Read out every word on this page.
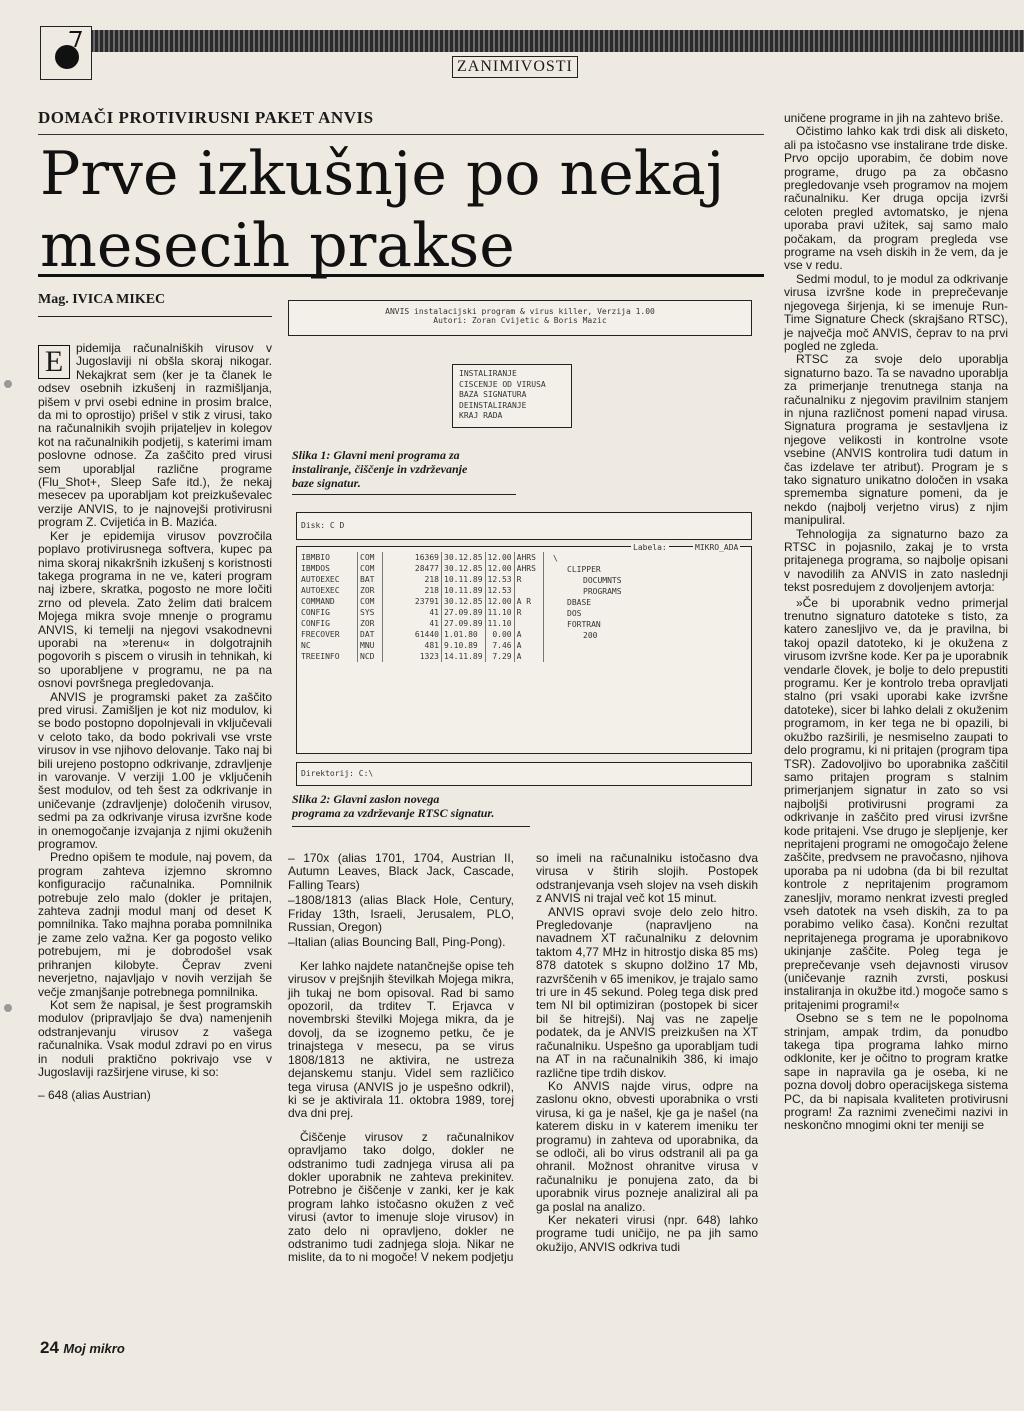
ZANIMIVOSTI
DOMAČI PROTIVIRUSNI PAKET ANVIS
Prve izkušnje po nekaj
mesecih prakse
Mag. IVICA MIKEC

E	pidemija računalniških virusov v Jugoslaviji ni obšla skoraj nikogar. Nekajkrat sem (ker je ta članek le odsev osebnih izkušenj in razmišljanja, pišem v prvi osebi ednine in prosim bralce, da mi to oprostijo) prišel v stik z virusi, tako na računalnikih svojih prijateljev in kolegov kot na računalnikih podjetij, s katerimi imam poslovne odnose. Za zaščito pred virusi sem uporabljal različne programe (Flu_Shot+, Sleep Safe itd.), že nekaj mesecev pa uporabljam kot preizkuševalec verzije ANVIS, to je najnovejši protivirusni program Z. Cvijetića in B. Mazića.

Ker je epidemija virusov povzročila poplavo protivirusnega softvera, kupec pa nima skoraj nikakršnih izkušenj s koristnosti takega programa in ne ve, kateri program naj izbere, skratka, pogosto ne more ločiti zrno od plevela. Zato želim dati bralcem Mojega mikra svoje mnenje o programu ANVIS, ki temelji na njegovi vsakodnevni uporabi na »terenu« in dolgotrajnih pogovorih s piscem o virusih in tehnikah, ki so uporabljene v programu, ne pa na osnovi površnega pregledovanja.

ANVIS je programski paket za zaščito pred virusi. Zamišljen je kot niz modulov, ki se bodo postopno dopolnjevali in vključevali v celoto tako, da bodo pokrivali vse vrste virusov in vse njihovo delovanje. Tako naj bi bili urejeno postopno odkrivanje, zdravljenje in varovanje. V verziji 1.00 je vključenih šest modulov, od teh šest za odkrivanje in uničevanje (zdravljenje) določenih virusov, sedmi pa za odkrivanje virusa izvršne kode in onemogočanje izvajanja z njimi okuženih programov.

Predno opišem te module, naj povem, da program zahteva izjemno skromno konfiguracijo računalnika. Pomnilnik potrebuje zelo malo (dokler je pritajen, zahteva zadnji modul manj od deset K pomnilnika. Tako majhna poraba pomnilnika je zame zelo važna. Ker ga pogosto veliko potrebujem, mi je dobrodošel vsak prihranjen kilobyte. Čeprav zveni neverjetno, najavljajo v novih verzijah še večje zmanjšanje potrebnega pomnilnika.

Kot sem že napisal, je šest programskih modulov (pripravljajo še dva) namenjenih odstranjevanju virusov z vašega računalnika. Vsak modul zdravi po en virus in noduli praktično pokrivajo vse v Jugoslaviji razširjene viruse, ki so:

– 648 (alias Austrian)

ANVIS instalacijski program & virus killer, Verzija 1.00
Autori: Zoran Cvijetic & Boris Mazic
INSTALIRANJE
CISCENJE OD VIRUSA
BAZA SIGNATURA
DEINSTALIRANJE
KRAJ RADA
Slika 1: Glavni meni programa za
instaliranje, čiščenje in vzdrževanje
baze signatur.
Disk: C D
Labela:	MIKRO_ADA
IBMBIO	COM	16369	30.12.85	12.00	AHRS
IBMDOS	COM	28477	30.12.85	12.00	AHRS
AUTOEXEC	BAT	218	10.11.89	12.53	R
AUTOEXEC	ZOR	218	10.11.89	12.53	
COMMAND	COM	23791	30.12.85	12.00	A R
CONFIG	SYS	41	27.09.89	11.10	R
CONFIG	ZOR	41	27.09.89	11.10	
FRECOVER	DAT	61440	1.01.80	0.00	A
NC	MNU	481	9.10.89	7.46	A
TREEINFO	NCD	1323	14.11.89	7.29	A
\
CLIPPER
DOCUMNTS
PROGRAMS
DBASE
DOS
FORTRAN
200
Direktorij: C:\
Slika 2: Glavni zaslon novega
programa za vzdrževanje RTSC signatur.

– 170x (alias 1701, 1704, Austrian II, Autumn Leaves, Black Jack, Cascade, Falling Tears)

–1808/1813 (alias Black Hole, Century, Friday 13th, Israeli, Jerusalem, PLO, Russian, Oregon)

–Italian (alias Bouncing Ball, Ping-Pong).

Ker lahko najdete natančnejše opise teh virusov v prejšnjih številkah Mojega mikra, jih tukaj ne bom opisoval. Rad bi samo opozoril, da trditev T. Erjavca v novembrski številki Mojega mikra, da je dovolj, da se izognemo petku, če je trinajstega v mesecu, pa se virus 1808/1813 ne aktivira, ne ustreza dejanskemu stanju. Videl sem različico tega virusa (ANVIS jo je uspešno odkril), ki se je aktivirala 11. oktobra 1989, torej dva dni prej.

Čiščenje virusov z računalnikov opravljamo tako dolgo, dokler ne odstranimo tudi zadnjega virusa ali pa dokler uporabnik ne zahteva prekinitev. Potrebno je čiščenje v zanki, ker je kak program lahko istočasno okužen z več virusi (avtor to imenuje sloje virusov) in zato delo ni opravljeno, dokler ne odstranimo tudi zadnjega sloja. Nikar ne mislite, da to ni mogoče! V nekem podjetju

so imeli na računalniku istočasno dva virusa v štirih slojih. Postopek odstranjevanja vseh slojev na vseh diskih z ANVIS ni trajal več kot 15 minut.

ANVIS opravi svoje delo zelo hitro. Pregledovanje (napravljeno na navadnem XT računalniku z delovnim taktom 4,77 MHz in hitrostjo diska 85 ms) 878 datotek s skupno dolžino 17 Mb, razvrščenih v 65 imenikov, je trajalo samo tri ure in 45 sekund. Poleg tega disk pred tem NI bil optimiziran (postopek bi sicer bil še hitrejši). Naj vas ne zapelje podatek, da je ANVIS preizkušen na XT računalniku. Uspešno ga uporabljam tudi na AT in na računalnikih 386, ki imajo različne tipe trdih diskov.

Ko ANVIS najde virus, odpre na zaslonu okno, obvesti uporabnika o vrsti virusa, ki ga je našel, kje ga je našel (na katerem disku in v katerem imeniku ter programu) in zahteva od uporabnika, da se odloči, ali bo virus odstranil ali pa ga ohranil. Možnost ohranitve virusa v računalniku je ponujena zato, da bi uporabnik virus pozneje analiziral ali pa ga poslal na analizo.

Ker nekateri virusi (npr. 648) lahko programe tudi uničijo, ne pa jih samo okužijo, ANVIS odkriva tudi

uničene programe in jih na zahtevo briše.

Očistimo lahko kak trdi disk ali disketo, ali pa istočasno vse instalirane trde diske. Prvo opcijo uporabim, če dobim nove programe, drugo pa za občasno pregledovanje vseh programov na mojem računalniku. Ker druga opcija izvrši celoten pregled avtomatsko, je njena uporaba pravi užitek, saj samo malo počakam, da program pregleda vse programe na vseh diskih in že vem, da je vse v redu.

Sedmi modul, to je modul za odkrivanje virusa izvršne kode in preprečevanje njegovega širjenja, ki se imenuje Run-Time Signature Check (skrajšano RTSC), je največja moč ANVIS, čeprav to na prvi pogled ne zgleda.

RTSC za svoje delo uporablja signaturno bazo. Ta se navadno uporablja za primerjanje trenutnega stanja na računalniku z njegovim pravilnim stanjem in njuna različnost pomeni napad virusa. Signatura programa je sestavljena iz njegove velikosti in kontrolne vsote vsebine (ANVIS kontrolira tudi datum in čas izdelave ter atribut). Program je s tako signaturo unikatno določen in vsaka sprememba signature pomeni, da je nekdo (najbolj verjetno virus) z njim manipuliral.

Tehnologija za signaturno bazo za RTSC in pojasnilo, zakaj je to vrsta pritajenega programa, so najbolje opisani v navodilih za ANVIS in zato naslednji tekst posredujem z dovoljenjem avtorja:

»Če bi uporabnik vedno primerjal trenutno signaturo datoteke s tisto, za katero zanesljivo ve, da je pravilna, bi takoj opazil datoteko, ki je okužena z virusom izvršne kode. Ker pa je uporabnik vendarle človek, je bolje to delo prepustiti programu. Ker je kontrolo treba opravljati stalno (pri vsaki uporabi kake izvršne datoteke), sicer bi lahko delali z okuženim programom, in ker tega ne bi opazili, bi okužbo razširili, je nesmiselno zaupati to delo programu, ki ni pritajen (program tipa TSR). Zadovoljivo bo uporabnika zaščitil samo pritajen program s stalnim primerjanjem signatur in zato so vsi najboljši protivirusni programi za odkrivanje in zaščito pred virusi izvršne kode pritajeni. Vse drugo je slepljenje, ker nepritajeni programi ne omogočajo želene zaščite, predvsem ne pravočasno, njihova uporaba pa ni udobna (da bi bil rezultat kontrole z nepritajenim programom zanesljiv, moramo nenkrat izvesti pregled vseh datotek na vseh diskih, za to pa porabimo veliko časa). Končni rezultat nepritajenega programa je uporabnikovo ukinjanje zaščite. Poleg tega je preprečevanje vseh dejavnosti virusov (uničevanje raznih zvrsti, poskusi instaliranja in okužbe itd.) mogoče samo s pritajenimi programi!«

Osebno se s tem ne le popolnoma strinjam, ampak trdim, da ponudbo takega tipa programa lahko mirno odklonite, ker je očitno to program kratke sape in napravila ga je oseba, ki ne pozna dovolj dobro operacijskega sistema PC, da bi napisala kvaliteten protivirusni program! Za raznimi zvenečimi nazivi in neskončno mnogimi okni ter meniji se

24 Moj mikro
